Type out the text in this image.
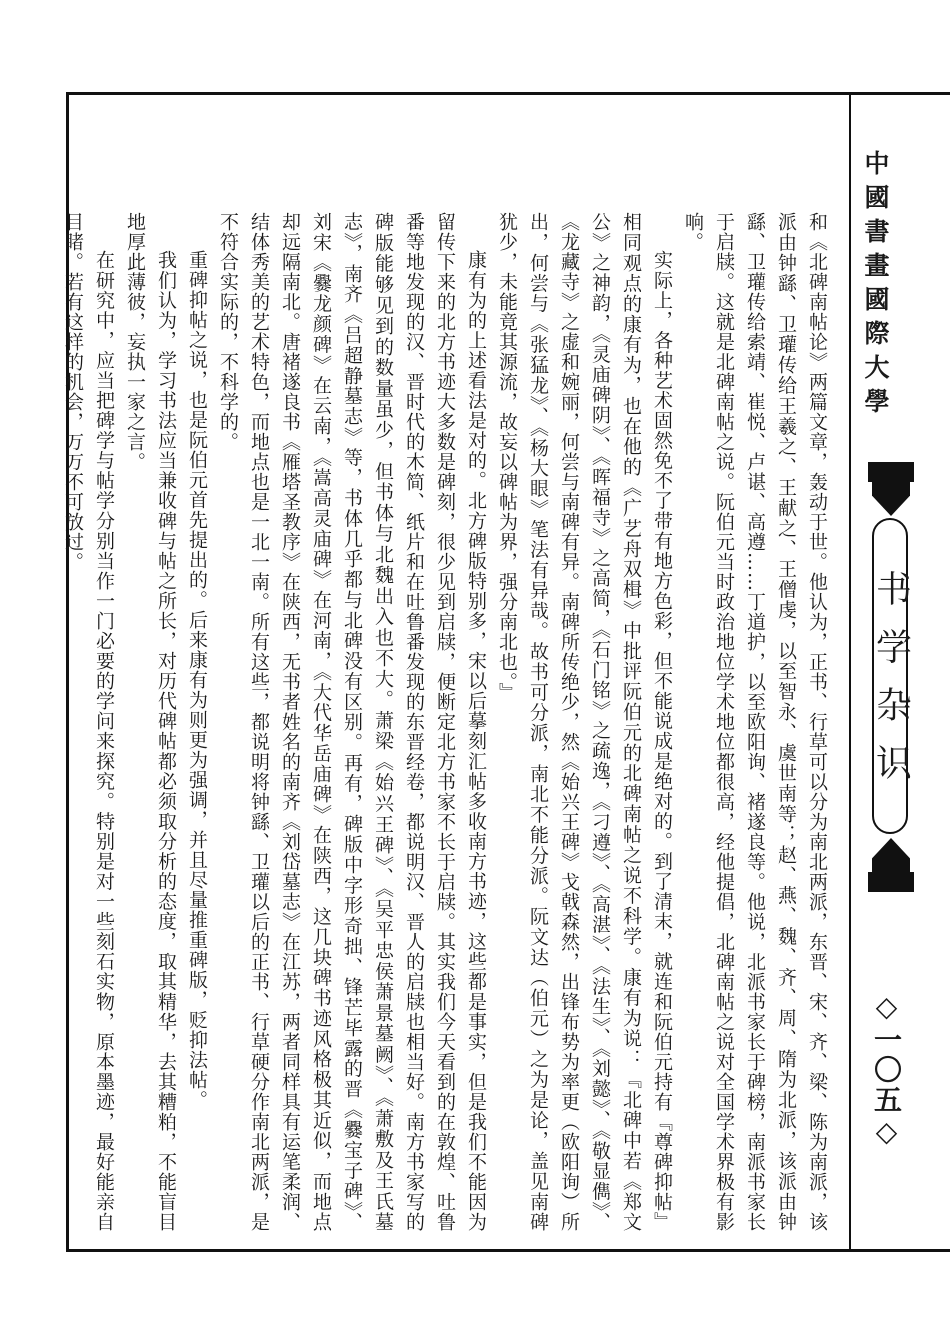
中國書畫國際大學
书学杂识
◇一〇五◇

和《北碑南帖论》两篇文章，轰动于世。他认为，正书、行草可以分为南北两派，东晋、宋、齐、梁、陈为南派，该派由钟繇、卫瓘传给王羲之、王献之、王僧虔，以至智永、虞世南等；赵、燕、魏、齐、周、隋为北派，该派由钟繇、卫瓘传给索靖、崔悦、卢谌、高遵……丁道护，以至欧阳询、褚遂良等。他说，北派书家长于碑榜，南派书家长于启牍。这就是北碑南帖之说。阮伯元当时政治地位学术地位都很高，经他提倡，北碑南帖之说对全国学术界极有影响。

实际上，各种艺术固然免不了带有地方色彩，但不能说成是绝对的。到了清末，就连和阮伯元持有『尊碑抑帖』相同观点的康有为，也在他的《广艺舟双楫》中批评阮伯元的北碑南帖之说不科学。康有为说：『北碑中若《郑文公》之神韵，《灵庙碑阴》、《晖福寺》之高简，《石门铭》之疏逸，《刁遵》、《高湛》、《法生》、《刘懿》、《敬显儁》、《龙藏寺》之虚和婉丽，何尝与南碑有异。南碑所传绝少，然《始兴王碑》戈戟森然，出锋布势为率更（欧阳询）所出，何尝与《张猛龙》、《杨大眼》笔法有异哉。故书可分派，南北不能分派。阮文达（伯元）之为是论，盖见南碑犹少，未能竟其源流，故妄以碑帖为界，强分南北也。』

康有为的上述看法是对的。北方碑版特别多，宋以后摹刻汇帖多收南方书迹，这些都是事实，但是我们不能因为留传下来的北方书迹大多数是碑刻，很少见到启牍，便断定北方书家不长于启牍。其实我们今天看到的在敦煌、吐鲁番等地发现的汉、晋时代的木简、纸片和在吐鲁番发现的东晋经卷，都说明汉、晋人的启牍也相当好。南方书家写的碑版能够见到的数量虽少，但书体与北魏出入也不大。萧梁《始兴王碑》、《吴平忠侯萧景墓阙》、《萧敷及王氏墓志》，南齐《吕超静墓志》等，书体几乎都与北碑没有区别。再有，碑版中字形奇拙、锋芒毕露的晋《爨宝子碑》、刘宋《爨龙颜碑》在云南，《嵩高灵庙碑》在河南，《大代华岳庙碑》在陕西，这几块碑书迹风格极其近似，而地点却远隔南北。唐褚遂良书《雁塔圣教序》在陕西，无书者姓名的南齐《刘岱墓志》在江苏，两者同样具有运笔柔润、结体秀美的艺术特色，而地点也是一北一南。所有这些，都说明将钟繇、卫瓘以后的正书、行草硬分作南北两派，是不符合实际的，不科学的。

重碑抑帖之说，也是阮伯元首先提出的。后来康有为则更为强调，并且尽量推重碑版，贬抑法帖。

我们认为，学习书法应当兼收碑与帖之所长，对历代碑帖都必须取分析的态度，取其精华，去其糟粕，不能盲目地厚此薄彼，妄执一家之言。

在研究中，应当把碑学与帖学分别当作一门必要的学问来探究。特别是对一些刻石实物，原本墨迹，最好能亲自目睹。若有这样的机会，万万不可放过。
